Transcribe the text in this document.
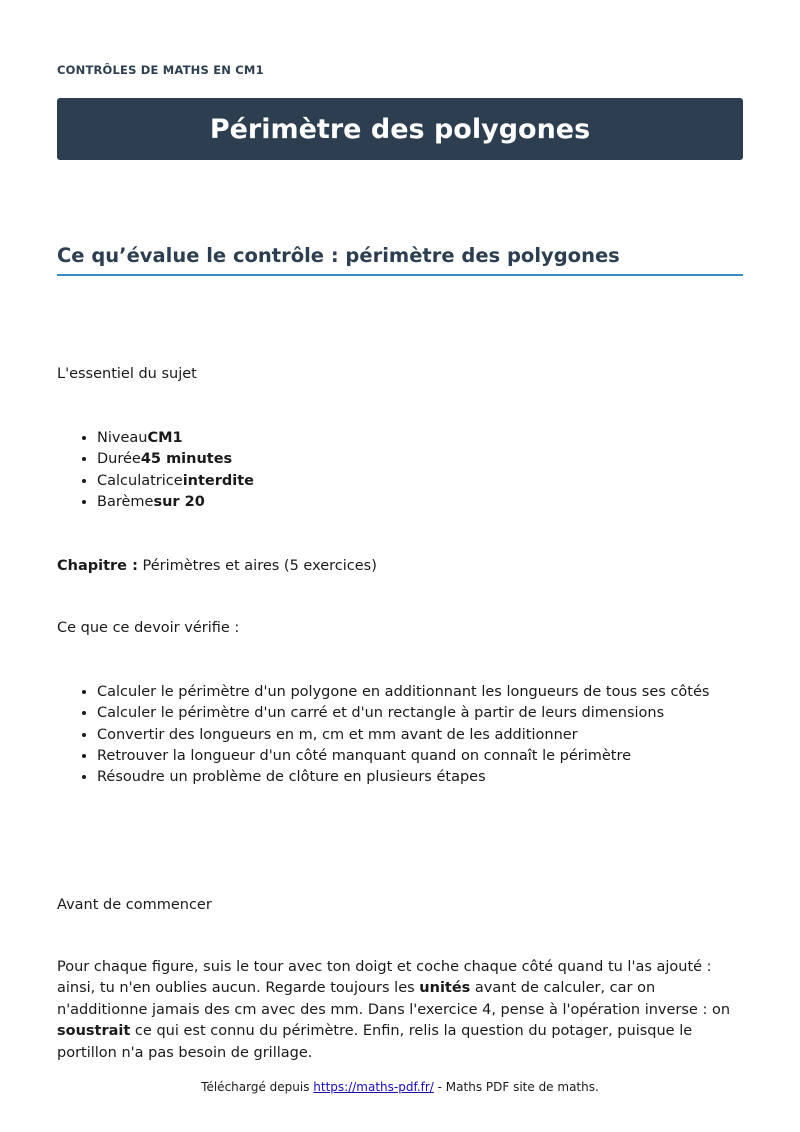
CONTRÔLES DE MATHS EN CM1
Périmètre des polygones
Ce qu’évalue le contrôle : périmètre des polygones

L'essentiel du sujet

• NiveauCM1
• Durée45 minutes
• Calculatriceinterdite
• Barèmesur 20

Chapitre : Périmètres et aires (5 exercices)

Ce que ce devoir vérifie :

• Calculer le périmètre d'un polygone en additionnant les longueurs de tous ses côtés
• Calculer le périmètre d'un carré et d'un rectangle à partir de leurs dimensions
• Convertir des longueurs en m, cm et mm avant de les additionner
• Retrouver la longueur d'un côté manquant quand on connaît le périmètre
• Résoudre un problème de clôture en plusieurs étapes

Avant de commencer

Pour chaque figure, suis le tour avec ton doigt et coche chaque côté quand tu l'as ajouté : ainsi, tu n'en oublies aucun. Regarde toujours les unités avant de calculer, car on n'additionne jamais des cm avec des mm. Dans l'exercice 4, pense à l'opération inverse : on soustrait ce qui est connu du périmètre. Enfin, relis la question du potager, puisque le portillon n'a pas besoin de grillage.

Téléchargé depuis https://maths-pdf.fr/ - Maths PDF site de maths.
